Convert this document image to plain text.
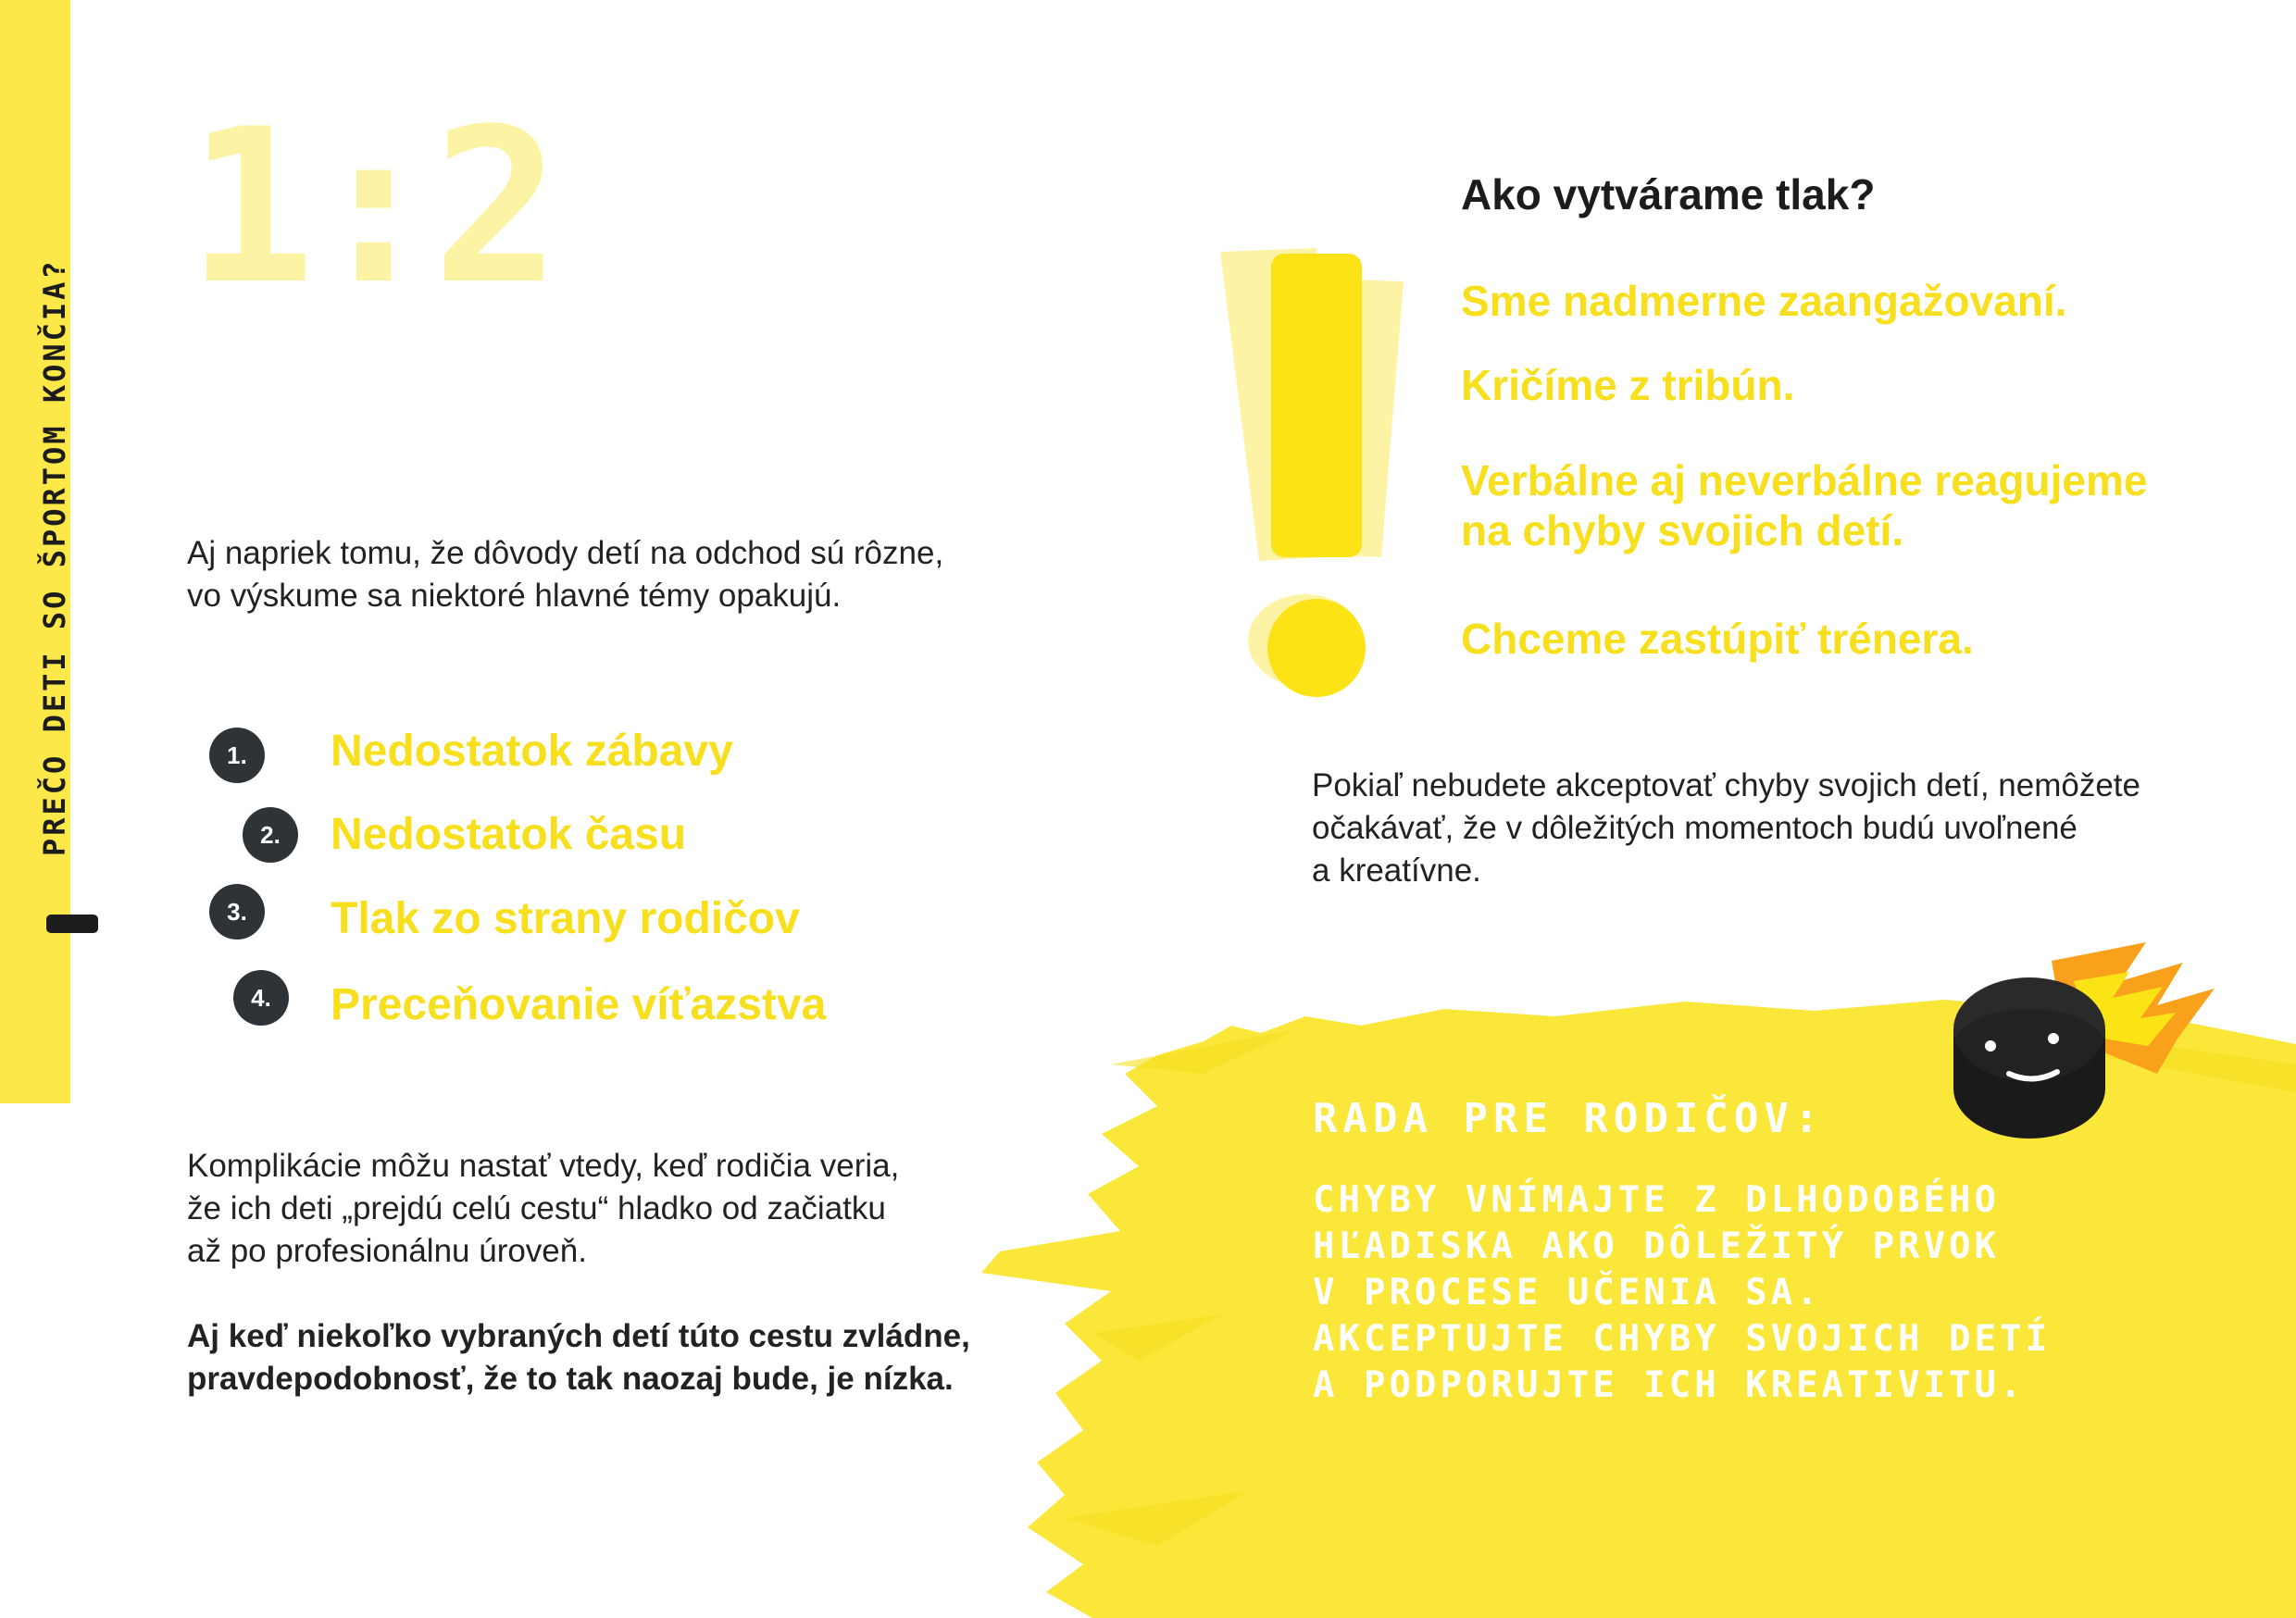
PREČO DETI SO ŠPORTOM KONČIA?
1:2
Aj napriek tomu, že dôvody detí na odchod sú rôzne,
vo výskume sa niektoré hlavné témy opakujú.
1.	Nedostatok zábavy
2.	Nedostatok času
3.	Tlak zo strany rodičov
4.	Preceňovanie víťazstva
Komplikácie môžu nastať vtedy, keď rodičia veria,
že ich deti „prejdú celú cestu“ hladko od začiatku
až po profesionálnu úroveň.
Aj keď niekoľko vybraných detí túto cestu zvládne,
pravdepodobnosť, že to tak naozaj bude, je nízka.
Ako vytvárame tlak?
Sme nadmerne zaangažovaní.
Kričíme z tribún.
Verbálne aj neverbálne reagujeme
na chyby svojich detí.
Chceme zastúpiť trénera.
Pokiaľ nebudete akceptovať chyby svojich detí, nemôžete
očakávať, že v dôležitých momentoch budú uvoľnené
a kreatívne.
RADA PRE RODIČOV:
CHYBY VNÍMAJTE Z DLHODOBÉHO
HĽADISKA AKO DÔLEŽITÝ PRVOK
V PROCESE UČENIA SA.
AKCEPTUJTE CHYBY SVOJICH DETÍ
A PODPORUJTE ICH KREATIVITU.
